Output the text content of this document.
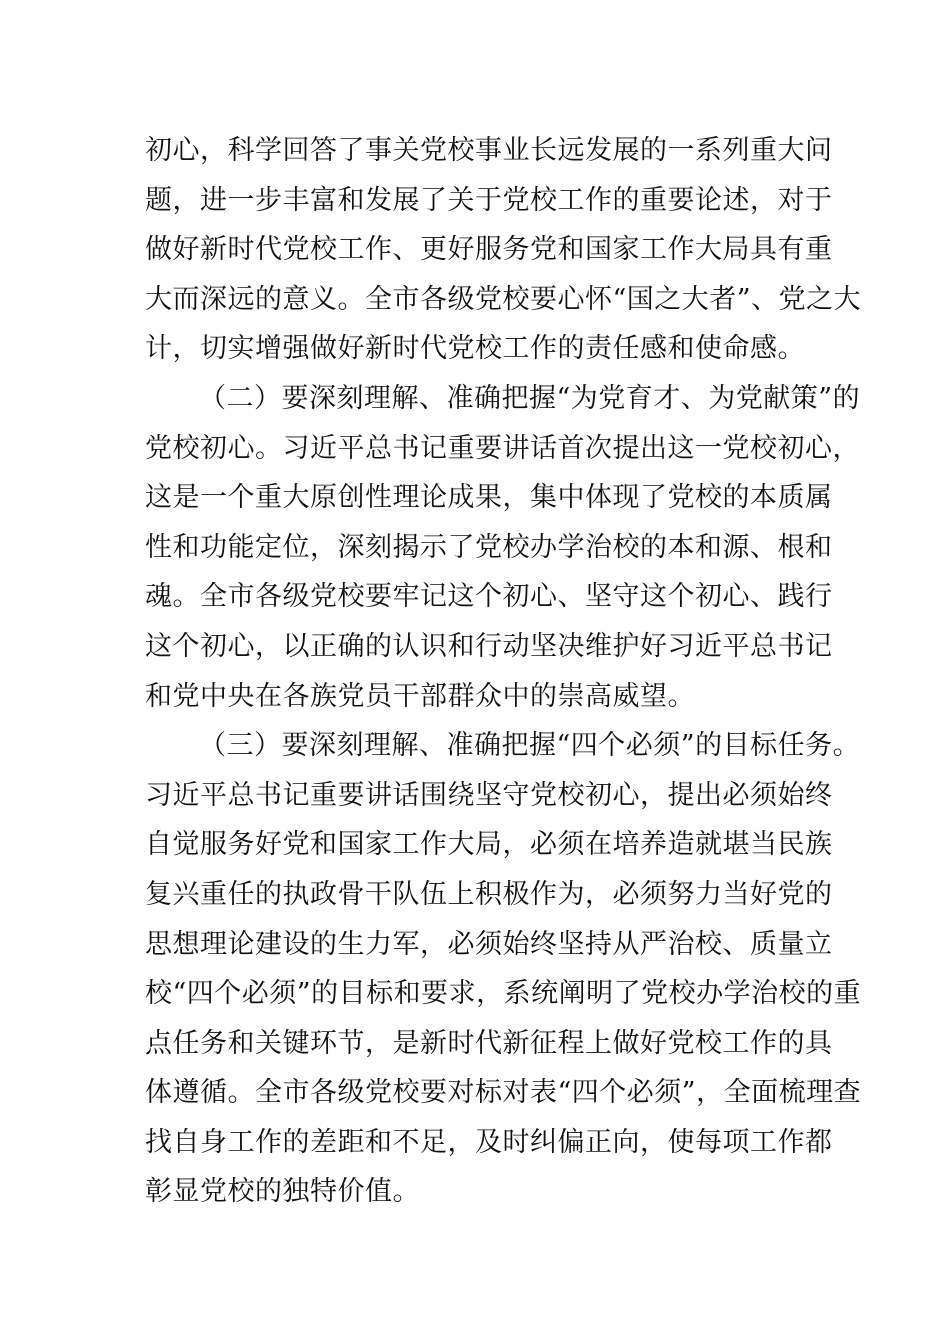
初心，科学回答了事关党校事业长远发展的一系列重大问
题，进一步丰富和发展了关于党校工作的重要论述，对于
做好新时代党校工作、更好服务党和国家工作大局具有重
大而深远的意义。全市各级党校要心怀“国之大者”、党之大
计，切实增强做好新时代党校工作的责任感和使命感。
（二）要深刻理解、准确把握“为党育才、为党献策”的
党校初心。习近平总书记重要讲话首次提出这一党校初心，
这是一个重大原创性理论成果，集中体现了党校的本质属
性和功能定位，深刻揭示了党校办学治校的本和源、根和
魂。全市各级党校要牢记这个初心、坚守这个初心、践行
这个初心，以正确的认识和行动坚决维护好习近平总书记
和党中央在各族党员干部群众中的崇高威望。
（三）要深刻理解、准确把握“四个必须”的目标任务。
习近平总书记重要讲话围绕坚守党校初心，提出必须始终
自觉服务好党和国家工作大局，必须在培养造就堪当民族
复兴重任的执政骨干队伍上积极作为，必须努力当好党的
思想理论建设的生力军，必须始终坚持从严治校、质量立
校“四个必须”的目标和要求，系统阐明了党校办学治校的重
点任务和关键环节，是新时代新征程上做好党校工作的具
体遵循。全市各级党校要对标对表“四个必须”，全面梳理查
找自身工作的差距和不足，及时纠偏正向，使每项工作都
彰显党校的独特价值。
